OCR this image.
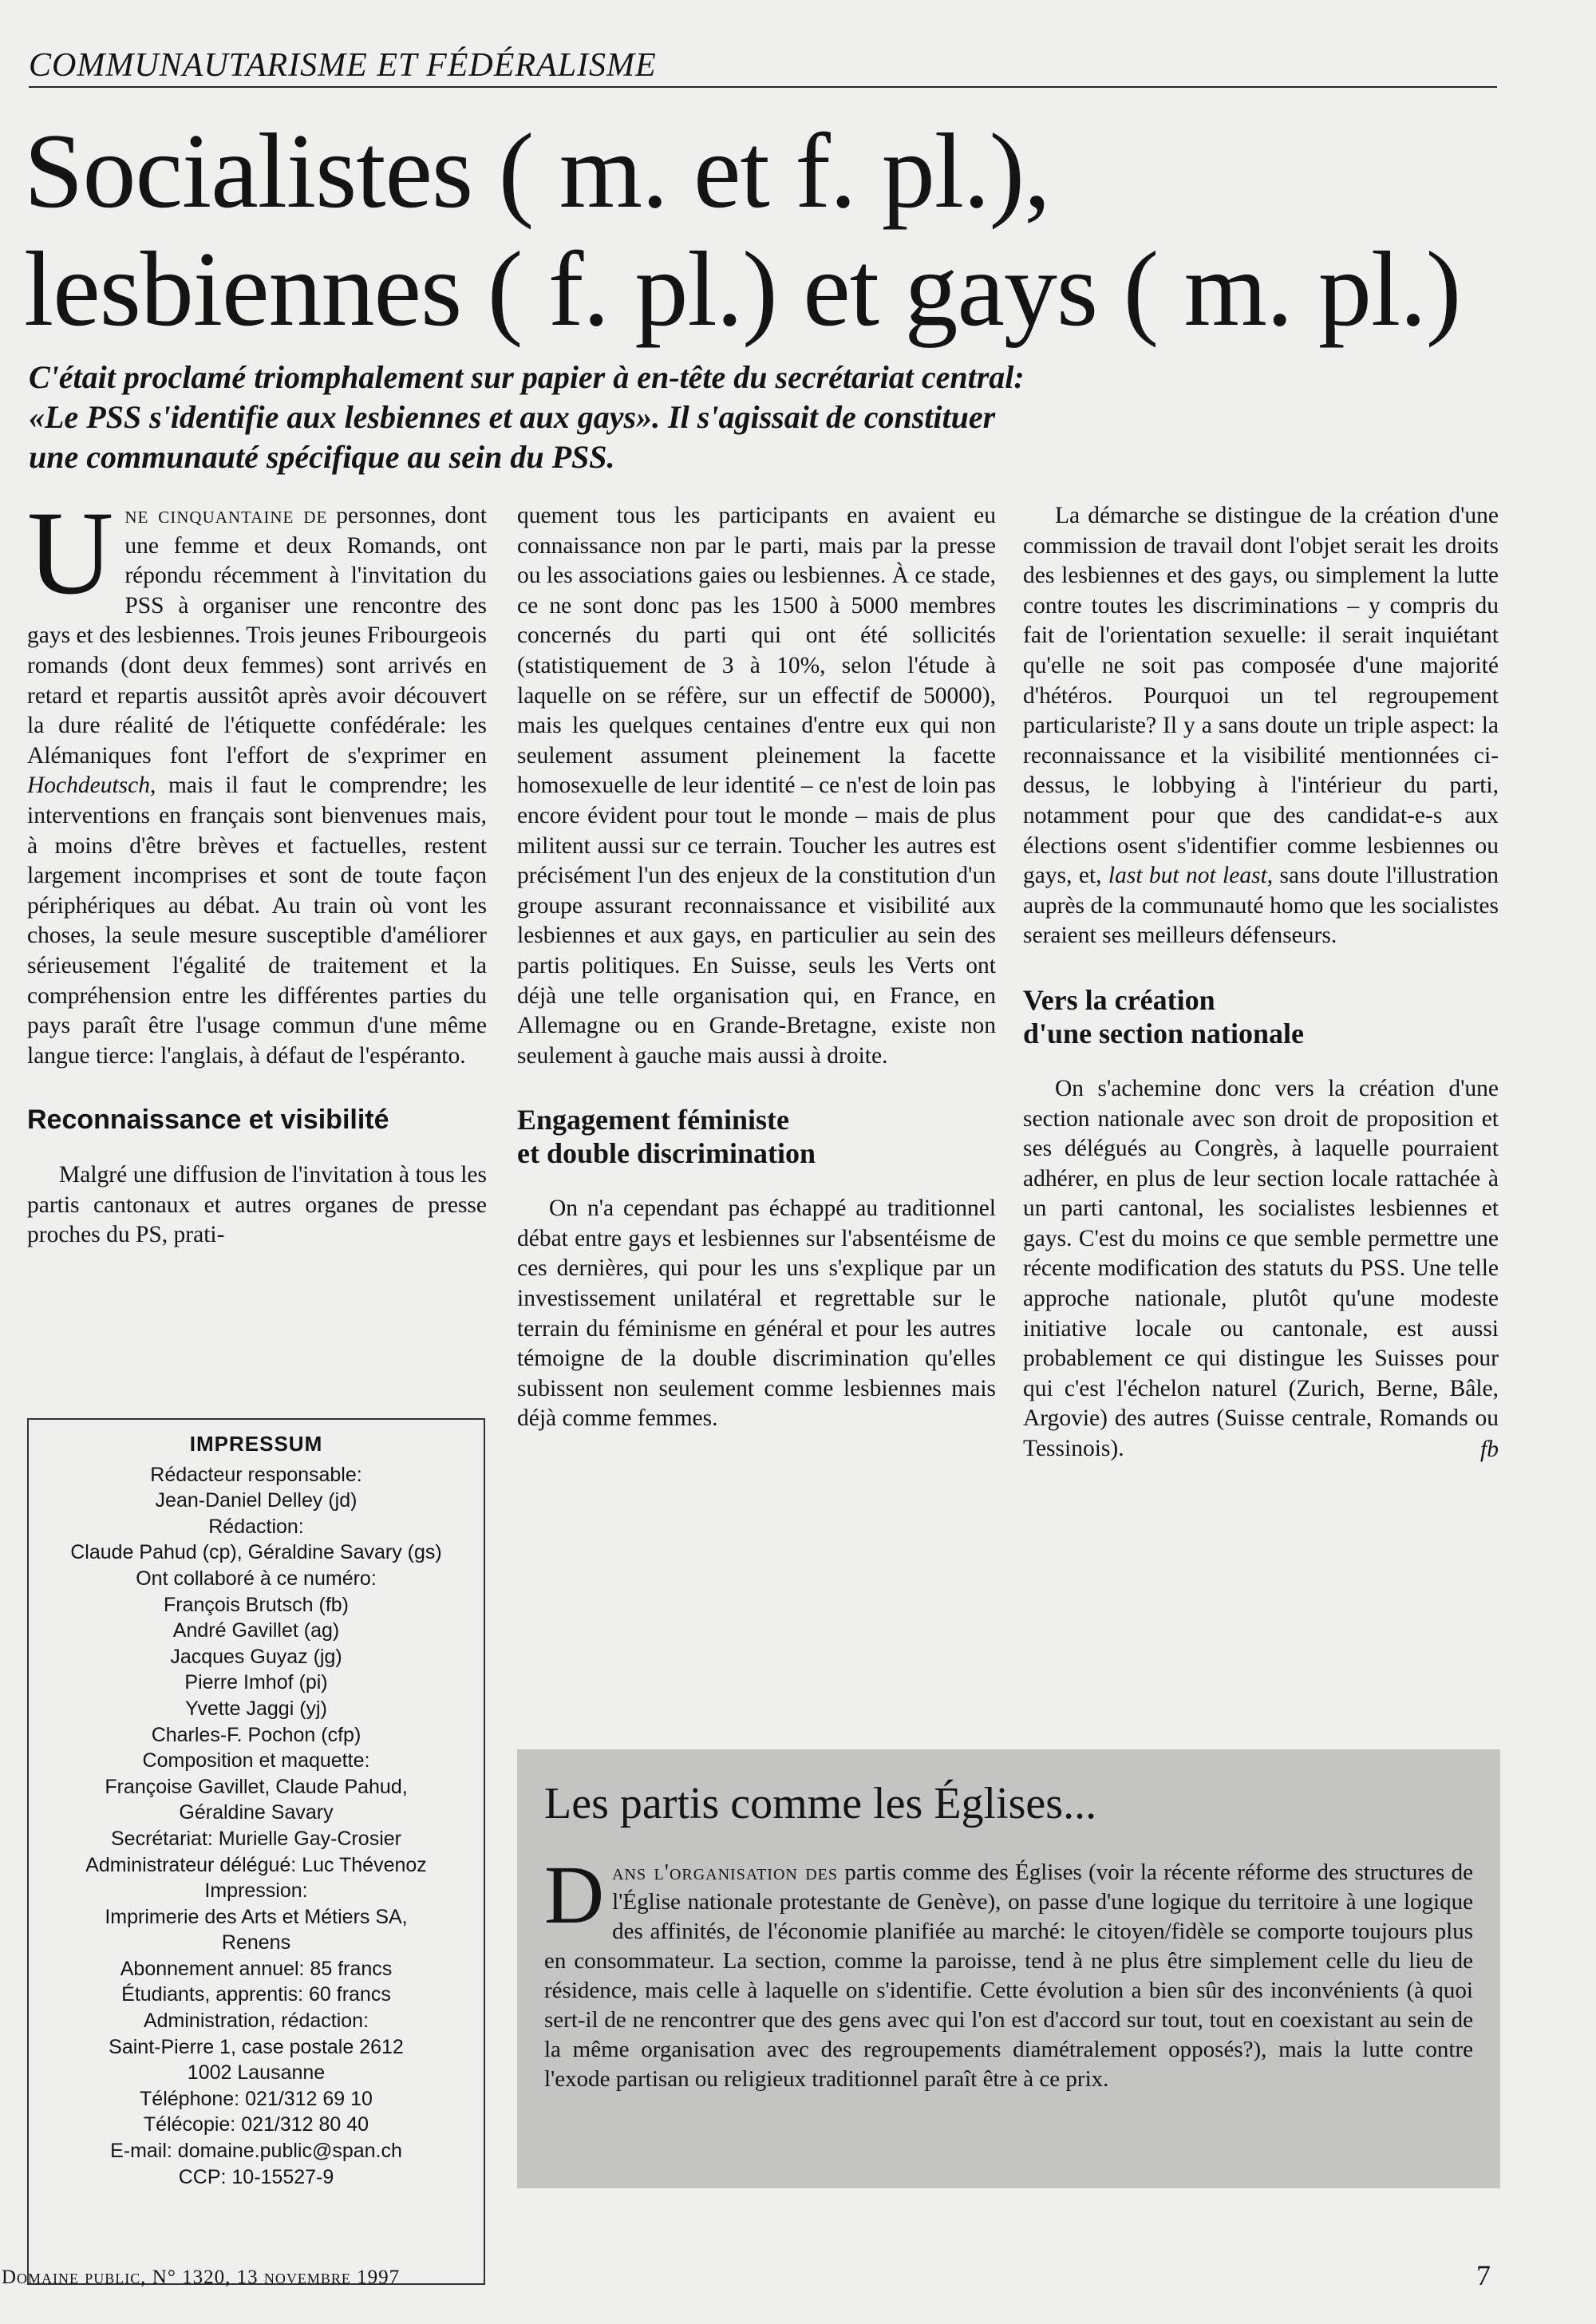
COMMUNAUTARISME ET FÉDÉRALISME
Socialistes ( m. et f. pl.),
lesbiennes ( f. pl.) et gays ( m. pl.)
C'était proclamé triomphalement sur papier à en-tête du secrétariat central:
«Le PSS s'identifie aux lesbiennes et aux gays». Il s'agissait de constituer
une communauté spécifique au sein du PSS.

Une cinquantaine de personnes, dont une femme et deux Romands, ont répondu récemment à l'invitation du PSS à organiser une rencontre des gays et des lesbiennes. Trois jeunes Fribourgeois romands (dont deux femmes) sont arrivés en retard et repartis aussitôt après avoir découvert la dure réalité de l'étiquette confédérale: les Alémaniques font l'effort de s'exprimer en Hochdeutsch, mais il faut le comprendre; les interventions en français sont bienvenues mais, à moins d'être brèves et factuelles, restent largement incomprises et sont de toute façon périphériques au débat. Au train où vont les choses, la seule mesure susceptible d'améliorer sérieusement l'égalité de traitement et la compréhension entre les différentes parties du pays paraît être l'usage commun d'une même langue tierce: l'anglais, à défaut de l'espéranto.

Reconnaissance et visibilité

Malgré une diffusion de l'invitation à tous les partis cantonaux et autres organes de presse proches du PS, prati-

IMPRESSUM
Rédacteur responsable:
Jean-Daniel Delley (jd)
Rédaction:
Claude Pahud (cp), Géraldine Savary (gs)
Ont collaboré à ce numéro:
François Brutsch (fb)
André Gavillet (ag)
Jacques Guyaz (jg)
Pierre Imhof (pi)
Yvette Jaggi (yj)
Charles-F. Pochon (cfp)
Composition et maquette:
Françoise Gavillet, Claude Pahud,
Géraldine Savary
Secrétariat: Murielle Gay-Crosier
Administrateur délégué: Luc Thévenoz
Impression:
Imprimerie des Arts et Métiers SA,
Renens
Abonnement annuel: 85 francs
Étudiants, apprentis: 60 francs
Administration, rédaction:
Saint-Pierre 1, case postale 2612
1002 Lausanne
Téléphone: 021/312 69 10
Télécopie: 021/312 80 40
E-mail: domaine.public@span.ch
CCP: 10-15527-9

quement tous les participants en avaient eu connaissance non par le parti, mais par la presse ou les associations gaies ou lesbiennes. À ce stade, ce ne sont donc pas les 1500 à 5000 membres concernés du parti qui ont été sollicités (statistiquement de 3 à 10%, selon l'étude à laquelle on se réfère, sur un effectif de 50000), mais les quelques centaines d'entre eux qui non seulement assument pleinement la facette homosexuelle de leur identité – ce n'est de loin pas encore évident pour tout le monde – mais de plus militent aussi sur ce terrain. Toucher les autres est précisément l'un des enjeux de la constitution d'un groupe assurant reconnaissance et visibilité aux lesbiennes et aux gays, en particulier au sein des partis politiques. En Suisse, seuls les Verts ont déjà une telle organisation qui, en France, en Allemagne ou en Grande-Bretagne, existe non seulement à gauche mais aussi à droite.

Engagement féministe
et double discrimination

On n'a cependant pas échappé au traditionnel débat entre gays et lesbiennes sur l'absentéisme de ces dernières, qui pour les uns s'explique par un investissement unilatéral et regrettable sur le terrain du féminisme en général et pour les autres témoigne de la double discrimination qu'elles subissent non seulement comme lesbiennes mais déjà comme femmes.

La démarche se distingue de la création d'une commission de travail dont l'objet serait les droits des lesbiennes et des gays, ou simplement la lutte contre toutes les discriminations – y compris du fait de l'orientation sexuelle: il serait inquiétant qu'elle ne soit pas composée d'une majorité d'hétéros. Pourquoi un tel regroupement particulariste? Il y a sans doute un triple aspect: la reconnaissance et la visibilité mentionnées ci-dessus, le lobbying à l'intérieur du parti, notamment pour que des candidat-e-s aux élections osent s'identifier comme lesbiennes ou gays, et, last but not least, sans doute l'illustration auprès de la communauté homo que les socialistes seraient ses meilleurs défenseurs.

Vers la création
d'une section nationale

On s'achemine donc vers la création d'une section nationale avec son droit de proposition et ses délégués au Congrès, à laquelle pourraient adhérer, en plus de leur section locale rattachée à un parti cantonal, les socialistes lesbiennes et gays. C'est du moins ce que semble permettre une récente modification des statuts du PSS. Une telle approche nationale, plutôt qu'une modeste initiative locale ou cantonale, est aussi probablement ce qui distingue les Suisses pour qui c'est l'échelon naturel (Zurich, Berne, Bâle, Argovie) des autres (Suisse centrale, Romands ou Tessinois).	fb
Les partis comme les Églises...
Dans l'organisation des partis comme des Églises (voir la récente réforme des structures de l'Église nationale protestante de Genève), on passe d'une logique du territoire à une logique des affinités, de l'économie planifiée au marché: le citoyen/fidèle se comporte toujours plus en consommateur. La section, comme la paroisse, tend à ne plus être simplement celle du lieu de résidence, mais celle à laquelle on s'identifie. Cette évolution a bien sûr des inconvénients (à quoi sert-il de ne rencontrer que des gens avec qui l'on est d'accord sur tout, tout en coexistant au sein de la même organisation avec des regroupements diamétralement opposés?), mais la lutte contre l'exode partisan ou religieux traditionnel paraît être à ce prix.
Domaine public, N° 1320, 13 novembre 1997	7
